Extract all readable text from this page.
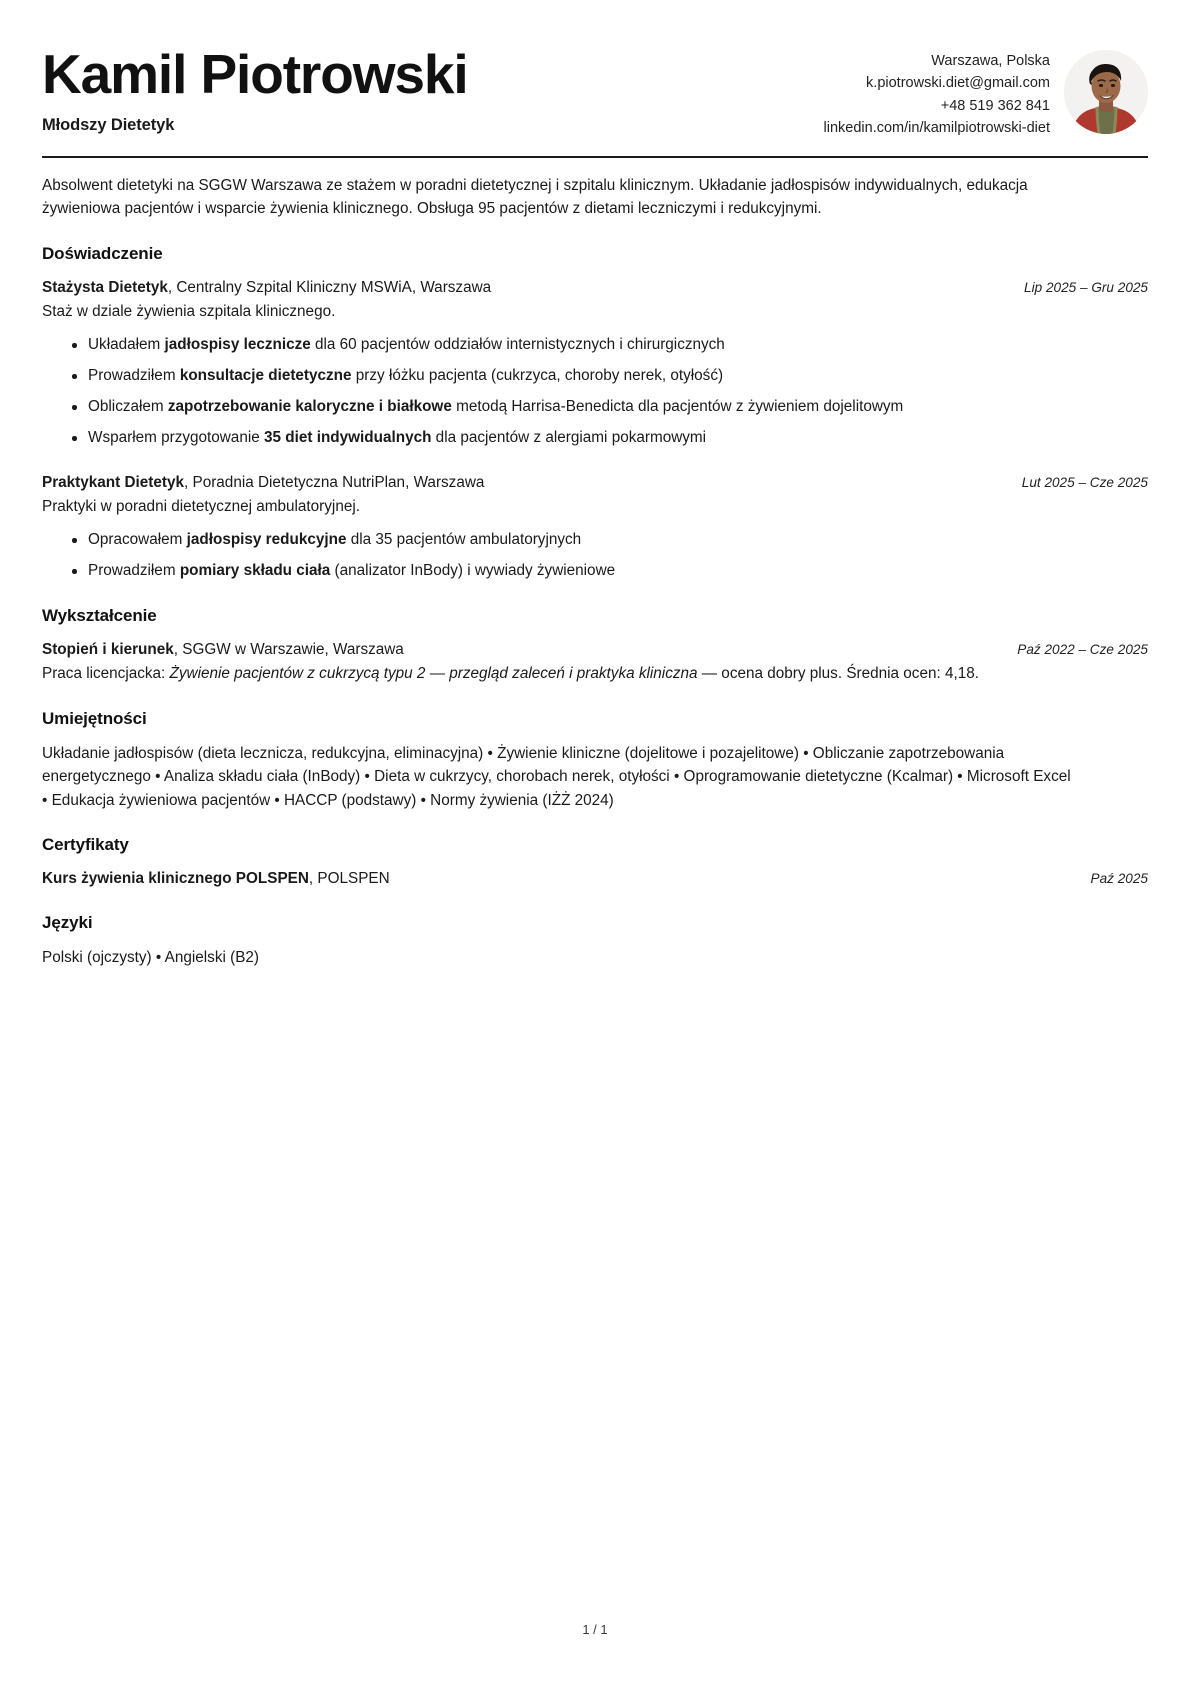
Kamil Piotrowski
Młodszy Dietetyk
Warszawa, Polska
k.piotrowski.diet@gmail.com
+48 519 362 841
linkedin.com/in/kamilpiotrowski-diet

Absolwent dietetyki na SGGW Warszawa ze stażem w poradni dietetycznej i szpitalu klinicznym. Układanie jadłospisów indywidualnych, edukacja żywieniowa pacjentów i wsparcie żywienia klinicznego. Obsługa 95 pacjentów z dietami leczniczymi i redukcyjnymi.

Doświadczenie
Stażysta Dietetyk, Centralny Szpital Kliniczny MSWiA, Warszawa	Lip 2025 – Gru 2025
Staż w dziale żywienia szpitala klinicznego.
Układałem jadłospisy lecznicze dla 60 pacjentów oddziałów internistycznych i chirurgicznych
Prowadziłem konsultacje dietetyczne przy łóżku pacjenta (cukrzyca, choroby nerek, otyłość)
Obliczałem zapotrzebowanie kaloryczne i białkowe metodą Harrisa-Benedicta dla pacjentów z żywieniem dojelitowym
Wsparłem przygotowanie 35 diet indywidualnych dla pacjentów z alergiami pokarmowymi
Praktykant Dietetyk, Poradnia Dietetyczna NutriPlan, Warszawa	Lut 2025 – Cze 2025
Praktyki w poradni dietetycznej ambulatoryjnej.
Opracowałem jadłospisy redukcyjne dla 35 pacjentów ambulatoryjnych
Prowadziłem pomiary składu ciała (analizator InBody) i wywiady żywieniowe
Wykształcenie
Stopień i kierunek, SGGW w Warszawie, Warszawa	Paź 2022 – Cze 2025
Praca licencjacka: Żywienie pacjentów z cukrzycą typu 2 — przegląd zaleceń i praktyka kliniczna — ocena dobry plus. Średnia ocen: 4,18.
Umiejętności
Układanie jadłospisów (dieta lecznicza, redukcyjna, eliminacyjna) • Żywienie kliniczne (dojelitowe i pozajelitowe) • Obliczanie zapotrzebowania energetycznego • Analiza składu ciała (InBody) • Dieta w cukrzycy, chorobach nerek, otyłości • Oprogramowanie dietetyczne (Kcalmar) • Microsoft Excel • Edukacja żywieniowa pacjentów • HACCP (podstawy) • Normy żywienia (IŻŻ 2024)
Certyfikaty
Kurs żywienia klinicznego POLSPEN, POLSPEN	Paź 2025
Języki
Polski (ojczysty) • Angielski (B2)
1 / 1
